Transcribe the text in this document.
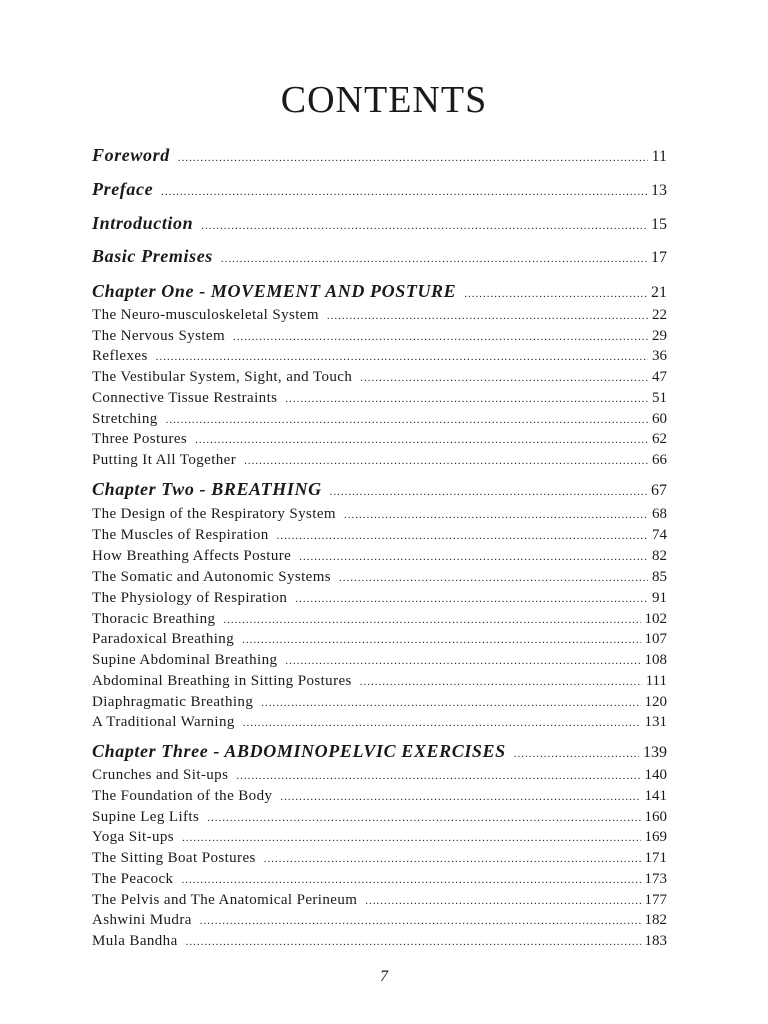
CONTENTS
Foreword .....	11
Preface .....	13
Introduction .....	15
Basic Premises .....	17
Chapter One - MOVEMENT AND POSTURE .....	21
The Neuro-musculoskeletal System .....	22
The Nervous System .....	29
Reflexes .....	36
The Vestibular System, Sight, and Touch .....	47
Connective Tissue Restraints .....	51
Stretching .....	60
Three Postures .....	62
Putting It All Together .....	66
Chapter Two - BREATHING .....	67
The Design of the Respiratory System .....	68
The Muscles of Respiration .....	74
How Breathing Affects Posture .....	82
The Somatic and Autonomic Systems .....	85
The Physiology of Respiration .....	91
Thoracic Breathing .....	102
Paradoxical Breathing .....	107
Supine Abdominal Breathing .....	108
Abdominal Breathing in Sitting Postures .....	111
Diaphragmatic Breathing .....	120
A Traditional Warning .....	131
Chapter Three - ABDOMINOPELVIC EXERCISES .....	139
Crunches and Sit-ups .....	140
The Foundation of the Body .....	141
Supine Leg Lifts .....	160
Yoga Sit-ups .....	169
The Sitting Boat Postures .....	171
The Peacock .....	173
The Pelvis and The Anatomical Perineum .....	177
Ashwini Mudra .....	182
Mula Bandha .....	183
7
